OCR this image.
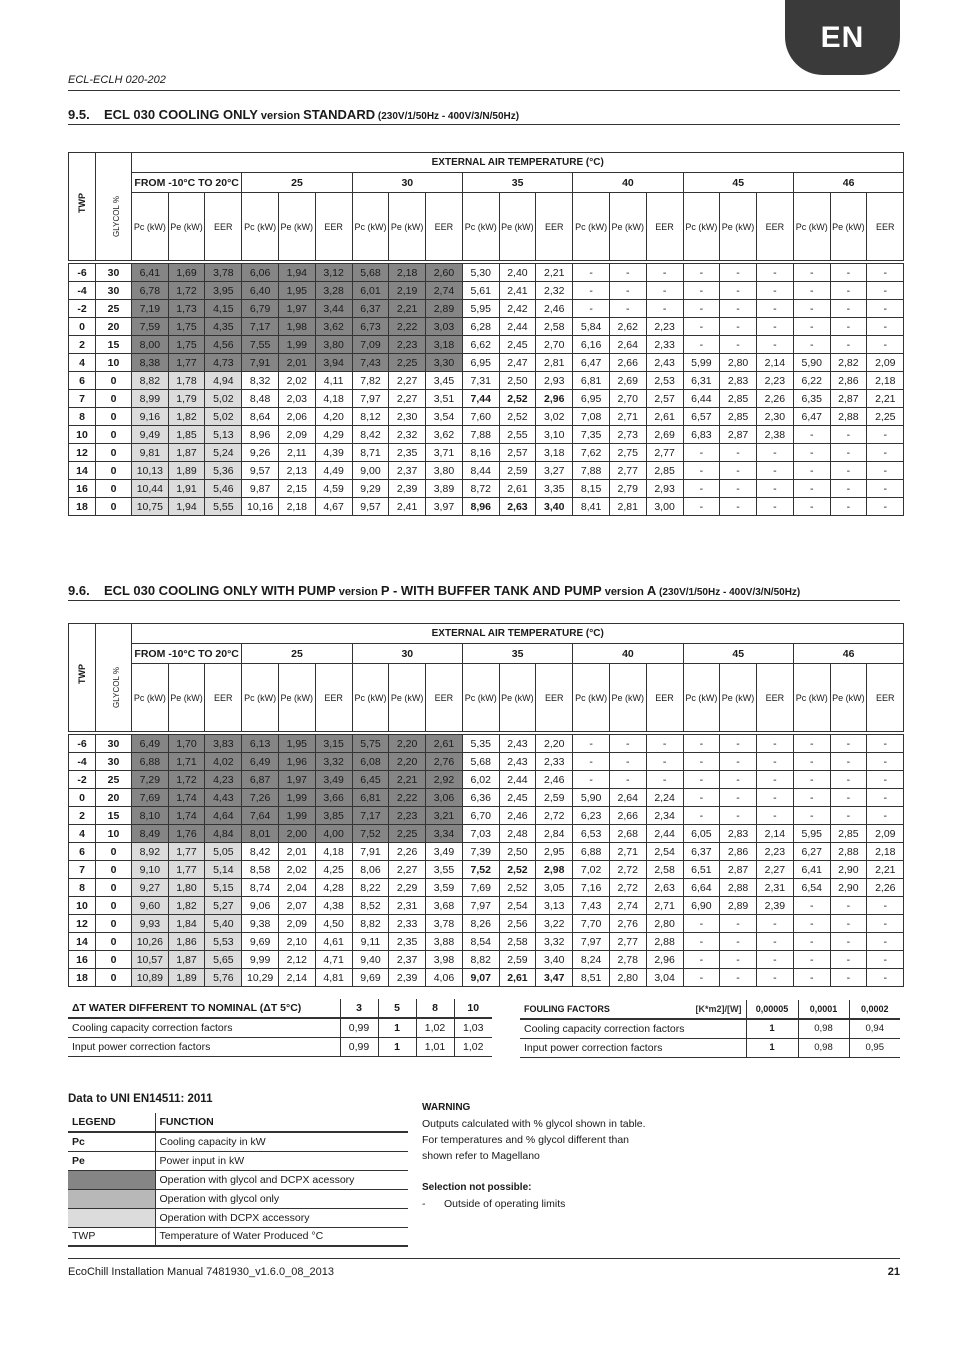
EN
ECL-ECLH 020-202
9.5. ECL 030 COOLING ONLY version STANDARD (230V/1/50Hz - 400V/3/N/50Hz)
TWP		EXTERNAL AIR TEMPERATURE (°C)																				
	GLYCOL %	FROM -10°C TO 20°C			25			30			35			40			45			46		
		Pc (kW)	Pe (kW)	EER	Pc (kW)	Pe (kW)	EER	Pc (kW)	Pe (kW)	EER	Pc (kW)	Pe (kW)	EER	Pc (kW)	Pe (kW)	EER	Pc (kW)	Pe (kW)	EER	Pc (kW)	Pe (kW)	EER

-6	30	6,41	1,69	3,78	6,06	1,94	3,12	5,68	2,18	2,60	5,30	2,40	2,21	-	-	-	-	-	-	-	-	-
-4	30	6,78	1,72	3,95	6,40	1,95	3,28	6,01	2,19	2,74	5,61	2,41	2,32	-	-	-	-	-	-	-	-	-
-2	25	7,19	1,73	4,15	6,79	1,97	3,44	6,37	2,21	2,89	5,95	2,42	2,46	-	-	-	-	-	-	-	-	-
0	20	7,59	1,75	4,35	7,17	1,98	3,62	6,73	2,22	3,03	6,28	2,44	2,58	5,84	2,62	2,23	-	-	-	-	-	-
2	15	8,00	1,75	4,56	7,55	1,99	3,80	7,09	2,23	3,18	6,62	2,45	2,70	6,16	2,64	2,33	-	-	-	-	-	-
4	10	8,38	1,77	4,73	7,91	2,01	3,94	7,43	2,25	3,30	6,95	2,47	2,81	6,47	2,66	2,43	5,99	2,80	2,14	5,90	2,82	2,09
6	0	8,82	1,78	4,94	8,32	2,02	4,11	7,82	2,27	3,45	7,31	2,50	2,93	6,81	2,69	2,53	6,31	2,83	2,23	6,22	2,86	2,18
7	0	8,99	1,79	5,02	8,48	2,03	4,18	7,97	2,27	3,51	7,44	2,52	2,96	6,95	2,70	2,57	6,44	2,85	2,26	6,35	2,87	2,21
8	0	9,16	1,82	5,02	8,64	2,06	4,20	8,12	2,30	3,54	7,60	2,52	3,02	7,08	2,71	2,61	6,57	2,85	2,30	6,47	2,88	2,25
10	0	9,49	1,85	5,13	8,96	2,09	4,29	8,42	2,32	3,62	7,88	2,55	3,10	7,35	2,73	2,69	6,83	2,87	2,38	-	-	-
12	0	9,81	1,87	5,24	9,26	2,11	4,39	8,71	2,35	3,71	8,16	2,57	3,18	7,62	2,75	2,77	-	-	-	-	-	-
14	0	10,13	1,89	5,36	9,57	2,13	4,49	9,00	2,37	3,80	8,44	2,59	3,27	7,88	2,77	2,85	-	-	-	-	-	-
16	0	10,44	1,91	5,46	9,87	2,15	4,59	9,29	2,39	3,89	8,72	2,61	3,35	8,15	2,79	2,93	-	-	-	-	-	-
18	0	10,75	1,94	5,55	10,16	2,18	4,67	9,57	2,41	3,97	8,96	2,63	3,40	8,41	2,81	3,00	-	-	-	-	-	-
9.6. ECL 030 COOLING ONLY WITH PUMP version P - WITH BUFFER TANK AND PUMP version A (230V/1/50Hz - 400V/3/N/50Hz)
TWP		EXTERNAL AIR TEMPERATURE (°C)																				
	GLYCOL %	FROM -10°C TO 20°C			25			30			35			40			45			46		
		Pc (kW)	Pe (kW)	EER	Pc (kW)	Pe (kW)	EER	Pc (kW)	Pe (kW)	EER	Pc (kW)	Pe (kW)	EER	Pc (kW)	Pe (kW)	EER	Pc (kW)	Pe (kW)	EER	Pc (kW)	Pe (kW)	EER

-6	30	6,49	1,70	3,83	6,13	1,95	3,15	5,75	2,20	2,61	5,35	2,43	2,20	-	-	-	-	-	-	-	-	-
-4	30	6,88	1,71	4,02	6,49	1,96	3,32	6,08	2,20	2,76	5,68	2,43	2,33	-	-	-	-	-	-	-	-	-
-2	25	7,29	1,72	4,23	6,87	1,97	3,49	6,45	2,21	2,92	6,02	2,44	2,46	-	-	-	-	-	-	-	-	-
0	20	7,69	1,74	4,43	7,26	1,99	3,66	6,81	2,22	3,06	6,36	2,45	2,59	5,90	2,64	2,24	-	-	-	-	-	-
2	15	8,10	1,74	4,64	7,64	1,99	3,85	7,17	2,23	3,21	6,70	2,46	2,72	6,23	2,66	2,34	-	-	-	-	-	-
4	10	8,49	1,76	4,84	8,01	2,00	4,00	7,52	2,25	3,34	7,03	2,48	2,84	6,53	2,68	2,44	6,05	2,83	2,14	5,95	2,85	2,09
6	0	8,92	1,77	5,05	8,42	2,01	4,18	7,91	2,26	3,49	7,39	2,50	2,95	6,88	2,71	2,54	6,37	2,86	2,23	6,27	2,88	2,18
7	0	9,10	1,77	5,14	8,58	2,02	4,25	8,06	2,27	3,55	7,52	2,52	2,98	7,02	2,72	2,58	6,51	2,87	2,27	6,41	2,90	2,21
8	0	9,27	1,80	5,15	8,74	2,04	4,28	8,22	2,29	3,59	7,69	2,52	3,05	7,16	2,72	2,63	6,64	2,88	2,31	6,54	2,90	2,26
10	0	9,60	1,82	5,27	9,06	2,07	4,38	8,52	2,31	3,68	7,97	2,54	3,13	7,43	2,74	2,71	6,90	2,89	2,39	-	-	-
12	0	9,93	1,84	5,40	9,38	2,09	4,50	8,82	2,33	3,78	8,26	2,56	3,22	7,70	2,76	2,80	-	-	-	-	-	-
14	0	10,26	1,86	5,53	9,69	2,10	4,61	9,11	2,35	3,88	8,54	2,58	3,32	7,97	2,77	2,88	-	-	-	-	-	-
16	0	10,57	1,87	5,65	9,99	2,12	4,71	9,40	2,37	3,98	8,82	2,59	3,40	8,24	2,78	2,96	-	-	-	-	-	-
18	0	10,89	1,89	5,76	10,29	2,14	4,81	9,69	2,39	4,06	9,07	2,61	3,47	8,51	2,80	3,04	-	-	-	-	-	-
ΔT WATER DIFFERENT TO NOMINAL (ΔT 5°C)	3	5	8	10
Cooling capacity correction factors	0,99	1	1,02	1,03
Input power correction factors	0,99	1	1,01	1,02
FOULING FACTORS	[K*m2]/[W]	0,00005	0,0001	0,0002
Cooling capacity correction factors		1	0,98	0,94
Input power correction factors		1	0,98	0,95
Data to UNI EN14511: 2011
LEGEND	FUNCTION
Pc	Cooling capacity in kW
Pe	Power input in kW
	Operation with glycol and DCPX acessory
	Operation with glycol only
	Operation with DCPX accessory
TWP	Temperature of Water Produced °C
WARNING
Outputs calculated with % glycol shown in table.
For temperatures and % glycol different than
shown refer to Magellano
Selection not possible:
- Outside of operating limits
EcoChill Installation Manual 7481930_v1.6.0_08_2013	21
